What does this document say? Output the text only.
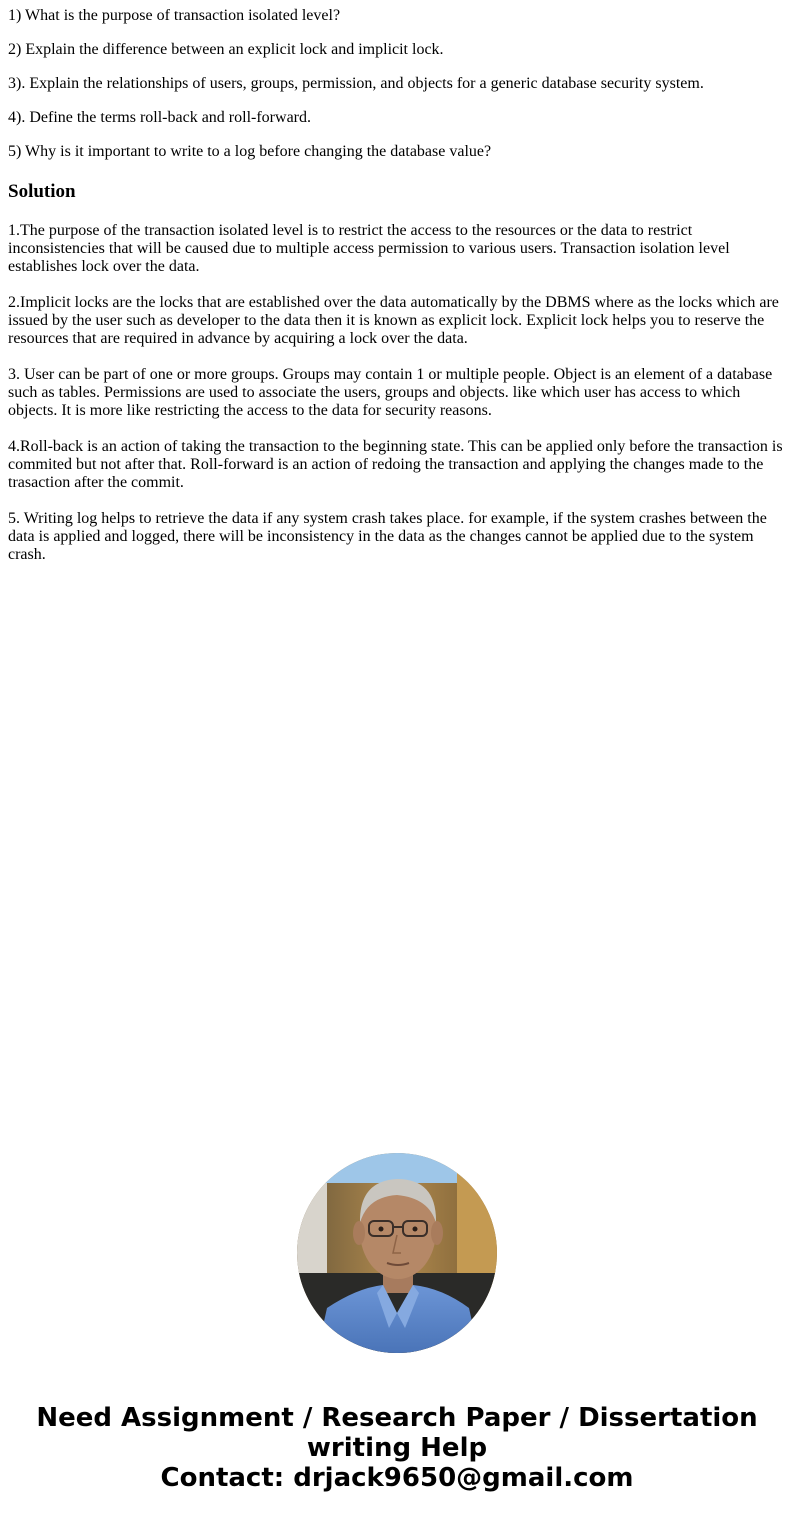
1) What is the purpose of transaction isolated level?

2) Explain the difference between an explicit lock and implicit lock.

3). Explain the relationships of users, groups, permission, and objects for a generic database security system.

4). Define the terms roll-back and roll-forward.

5) Why is it important to write to a log before changing the database value?

Solution

1.The purpose of the transaction isolated level is to restrict the access to the resources or the data to restrict inconsistencies that will be caused due to multiple access permission to various users. Transaction isolation level establishes lock over the data.

2.Implicit locks are the locks that are established over the data automatically by the DBMS where as the locks which are issued by the user such as developer to the data then it is known as explicit lock. Explicit lock helps you to reserve the resources that are required in advance by acquiring a lock over the data.

3. User can be part of one or more groups. Groups may contain 1 or multiple people. Object is an element of a database such as tables. Permissions are used to associate the users, groups and objects. like which user has access to which objects. It is more like restricting the access to the data for security reasons.

4.Roll-back is an action of taking the transaction to the beginning state. This can be applied only before the transaction is commited but not after that. Roll-forward is an action of redoing the transaction and applying the changes made to the trasaction after the commit.

5. Writing log helps to retrieve the data if any system crash takes place. for example, if the system crashes between the data is applied and logged, there will be inconsistency in the data as the changes cannot be applied due to the system crash.

Need Assignment / Research Paper / Dissertation
writing Help
Contact: drjack9650@gmail.com
